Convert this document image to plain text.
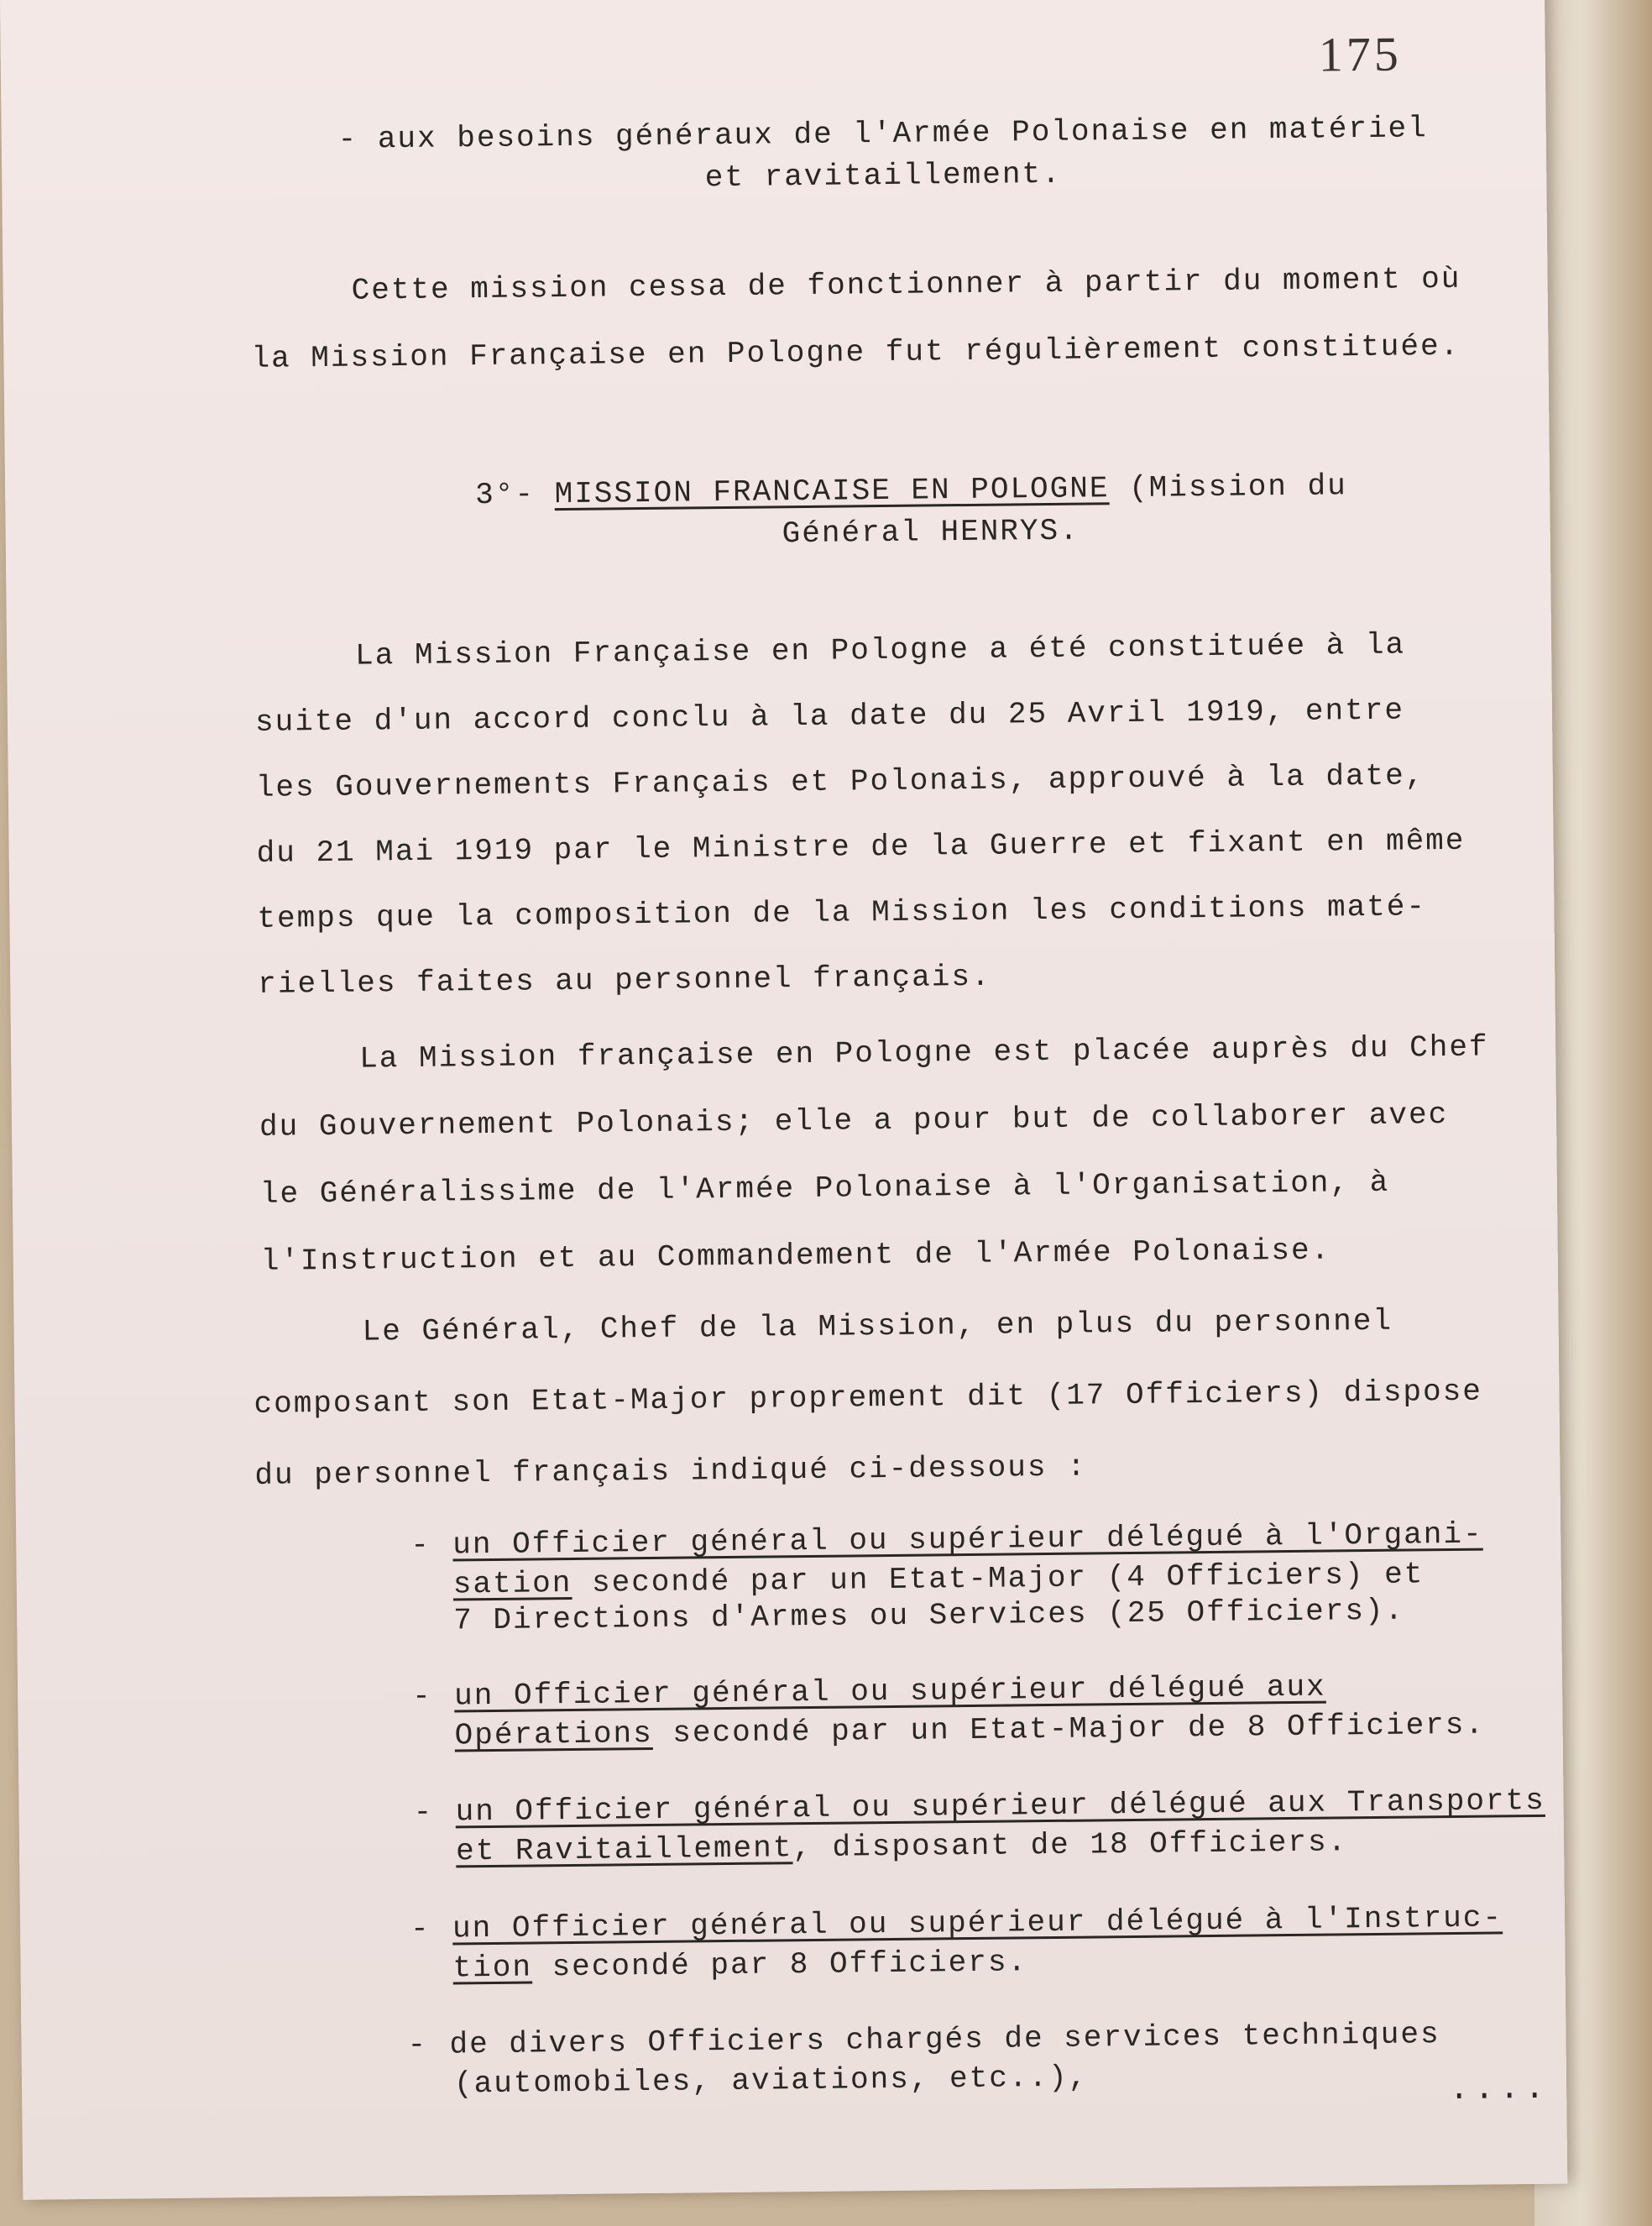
175
- aux besoins généraux de l'Armée Polonaise en matériel
et ravitaillement.
Cette mission cessa de fonctionner à partir du moment où
la Mission Française en Pologne fut régulièrement constituée.
3°- MISSION FRANCAISE EN POLOGNE (Mission du
Général HENRYS.
La Mission Française en Pologne a été constituée à la
suite d'un accord conclu à la date du 25 Avril 1919, entre
les Gouvernements Français et Polonais, approuvé à la date,
du 21 Mai 1919 par le Ministre de la Guerre et fixant en même
temps que la composition de la Mission les conditions maté-
rielles faites au personnel français.
La Mission française en Pologne est placée auprès du Chef
du Gouvernement Polonais; elle a pour but de collaborer avec
le Généralissime de l'Armée Polonaise à l'Organisation, à
l'Instruction et au Commandement de l'Armée Polonaise.
Le Général, Chef de la Mission, en plus du personnel
composant son Etat-Major proprement dit (17 Officiers) dispose
du personnel français indiqué ci-dessous :
- un Officier général ou supérieur délégué à l'Organi-
sation secondé par un Etat-Major (4 Officiers) et
7 Directions d'Armes ou Services (25 Officiers).
- un Officier général ou supérieur délégué aux
Opérations secondé par un Etat-Major de 8 Officiers.
- un Officier général ou supérieur délégué aux Transports
et Ravitaillement, disposant de 18 Officiers.
- un Officier général ou supérieur délégué à l'Instruc-
tion secondé par 8 Officiers.
- de divers Officiers chargés de services techniques
(automobiles, aviations, etc..),	....
